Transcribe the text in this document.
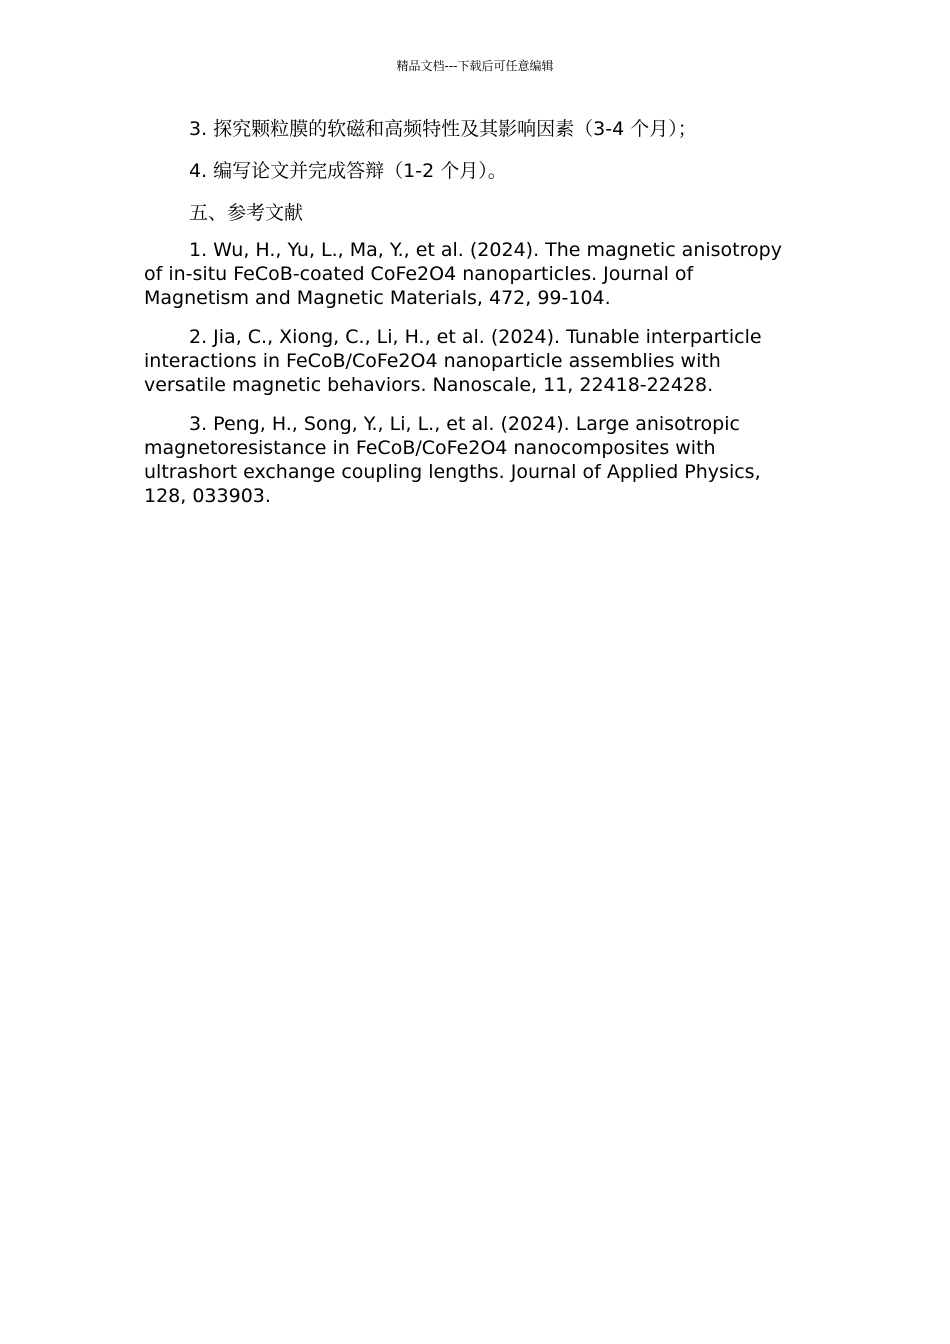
精品文档---下载后可任意编辑

3. 探究颗粒膜的软磁和高频特性及其影响因素（3-4 个月）；

4. 编写论文并完成答辩（1-2 个月）。

五、参考文献

1. Wu, H., Yu, L., Ma, Y., et al. (2024). The magnetic anisotropy of in-situ FeCoB-coated CoFe2O4 nanoparticles. Journal of Magnetism and Magnetic Materials, 472, 99-104.

2. Jia, C., Xiong, C., Li, H., et al. (2024). Tunable interparticle interactions in FeCoB/CoFe2O4 nanoparticle assemblies with versatile magnetic behaviors. Nanoscale, 11, 22418-22428.

3. Peng, H., Song, Y., Li, L., et al. (2024). Large anisotropic magnetoresistance in FeCoB/CoFe2O4 nanocomposites with ultrashort exchange coupling lengths. Journal of Applied Physics, 128, 033903.
